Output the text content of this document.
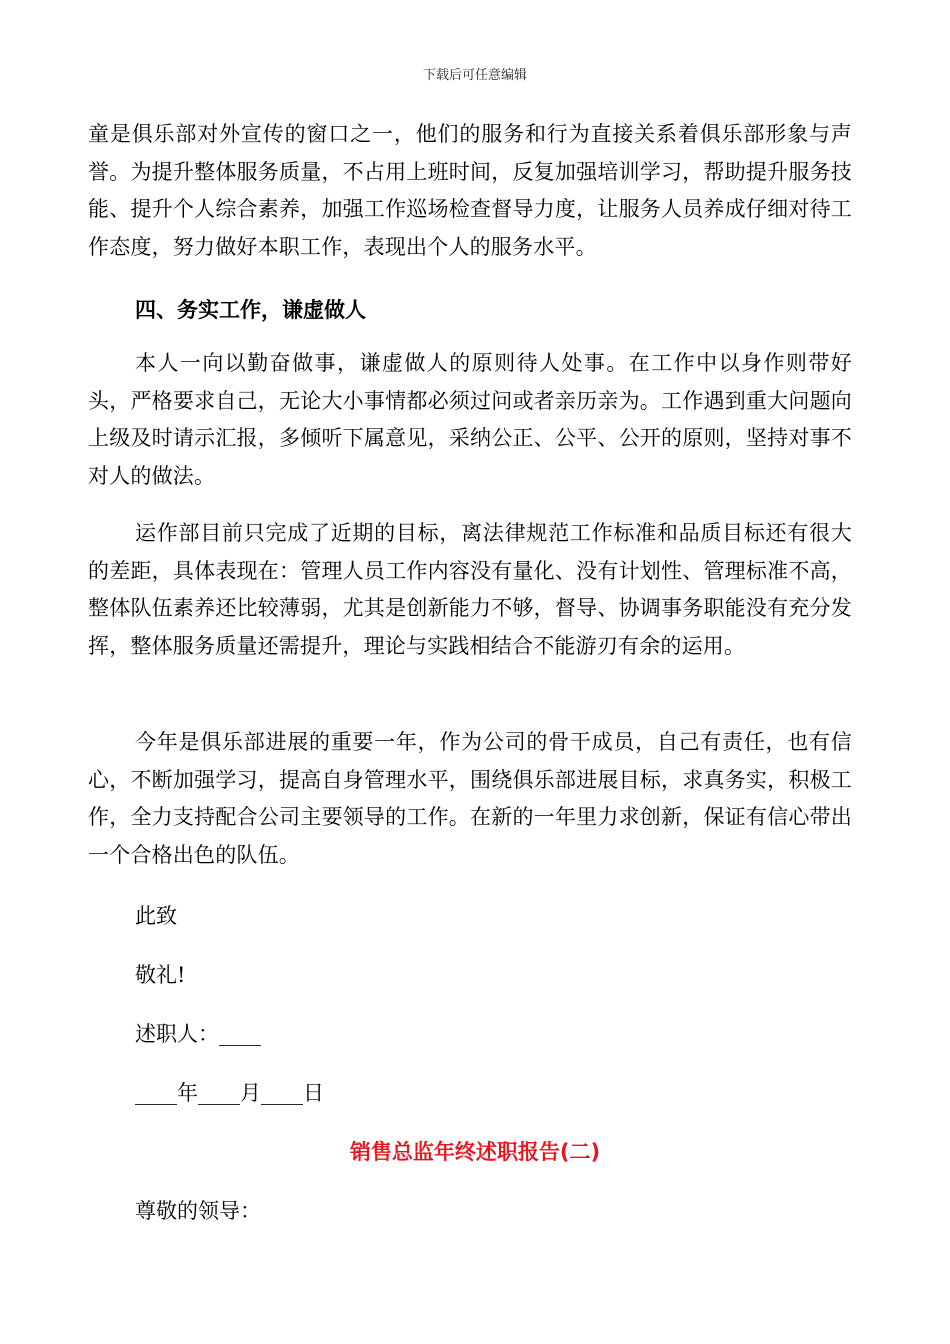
下载后可任意编辑
童是俱乐部对外宣传的窗口之一，他们的服务和行为直接关系着俱乐部形象与声誉。为提升整体服务质量，不占用上班时间，反复加强培训学习，帮助提升服务技能、提升个人综合素养，加强工作巡场检查督导力度，让服务人员养成仔细对待工作态度，努力做好本职工作，表现出个人的服务水平。
四、务实工作，谦虚做人
本人一向以勤奋做事，谦虚做人的原则待人处事。在工作中以身作则带好头，严格要求自己，无论大小事情都必须过问或者亲历亲为。工作遇到重大问题向上级及时请示汇报，多倾听下属意见，采纳公正、公平、公开的原则，坚持对事不对人的做法。
运作部目前只完成了近期的目标，离法律规范工作标准和品质目标还有很大的差距，具体表现在：管理人员工作内容没有量化、没有计划性、管理标准不高，整体队伍素养还比较薄弱，尤其是创新能力不够，督导、协调事务职能没有充分发挥，整体服务质量还需提升，理论与实践相结合不能游刃有余的运用。
今年是俱乐部进展的重要一年，作为公司的骨干成员，自己有责任，也有信心，不断加强学习，提高自身管理水平，围绕俱乐部进展目标，求真务实，积极工作，全力支持配合公司主要领导的工作。在新的一年里力求创新，保证有信心带出一个合格出色的队伍。
此致
敬礼!
述职人：____
____年____月____日
销售总监年终述职报告(二)
尊敬的领导：
